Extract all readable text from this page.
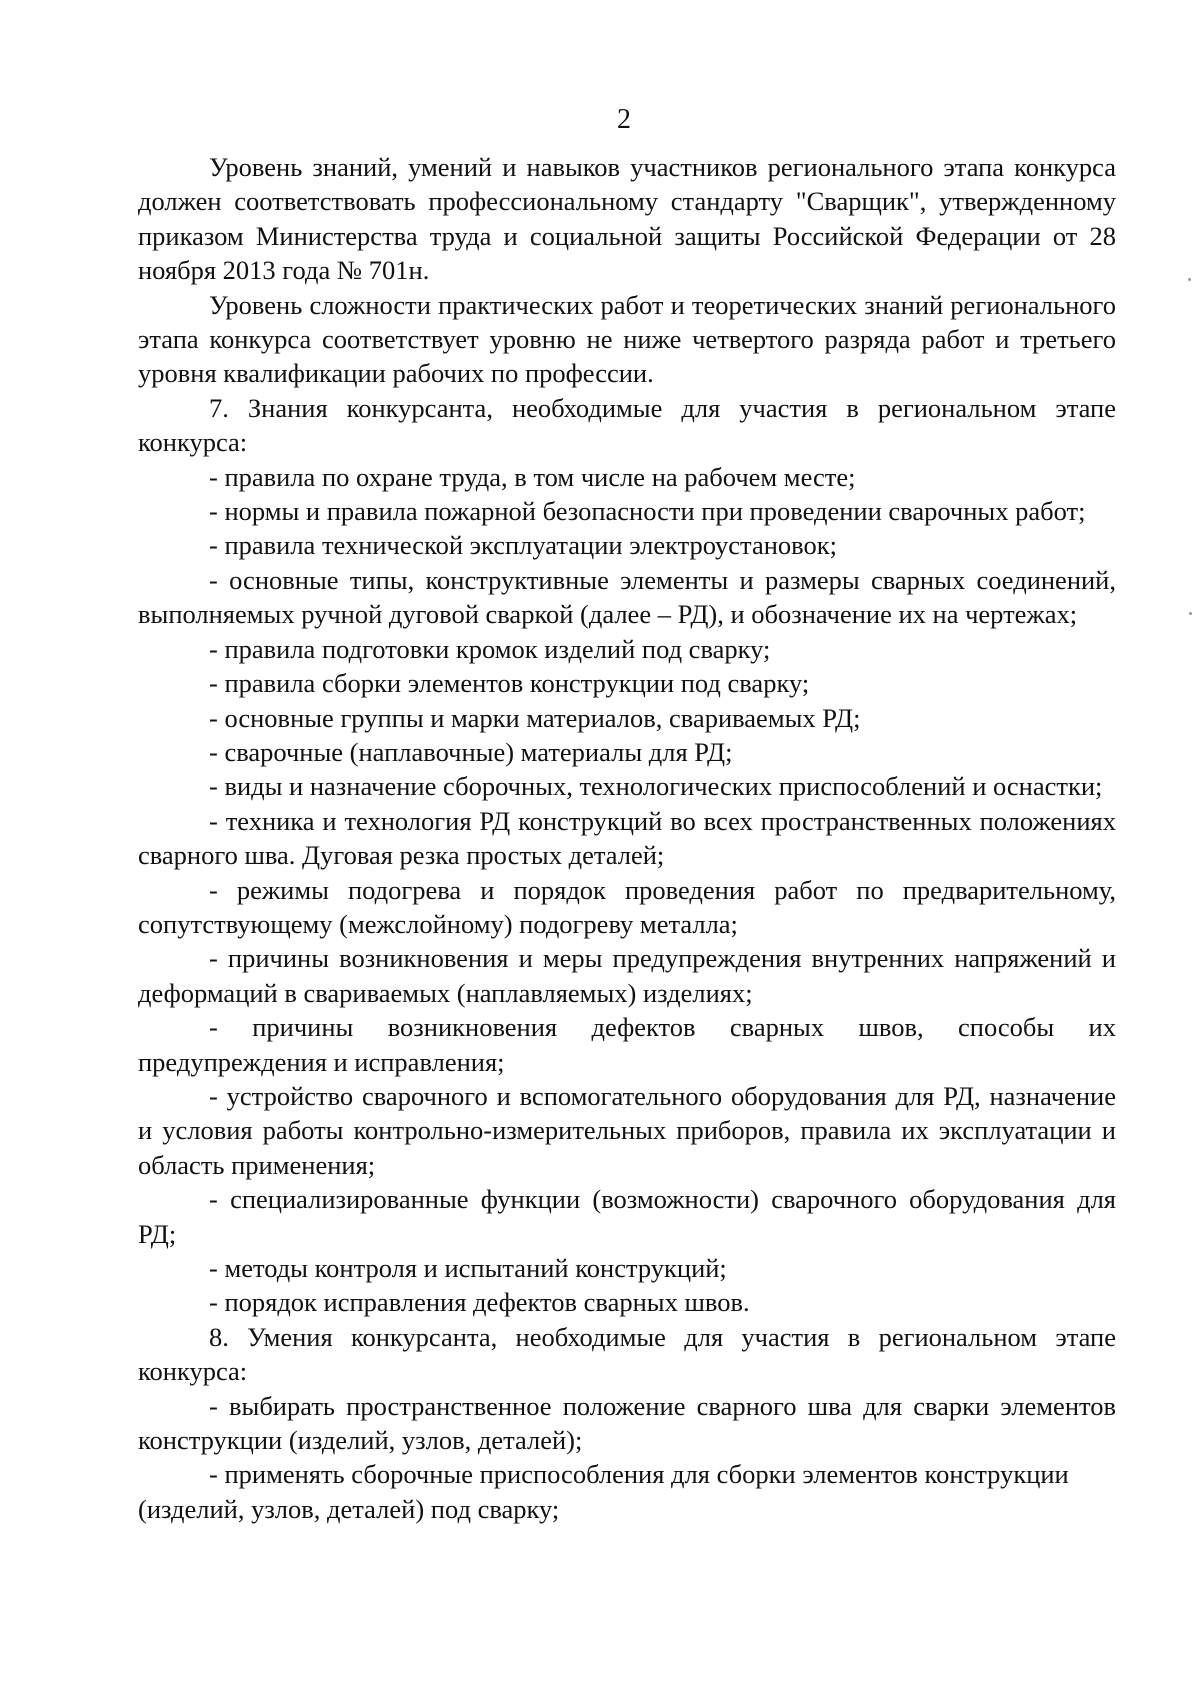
2

Уровень знаний, умений и навыков участников регионального этапа конкурса должен соответствовать профессиональному стандарту "Сварщик", утвержденному приказом Министерства труда и социальной защиты Российской Федерации от 28 ноября 2013 года № 701н.

Уровень сложности практических работ и теоретических знаний регионального этапа конкурса соответствует уровню не ниже четвертого разряда работ и третьего уровня квалификации рабочих по профессии.

7. Знания конкурсанта, необходимые для участия в региональном этапе конкурса:

- правила по охране труда, в том числе на рабочем месте;

- нормы и правила пожарной безопасности при проведении сварочных работ;

- правила технической эксплуатации электроустановок;

- основные типы, конструктивные элементы и размеры сварных соединений, выполняемых ручной дуговой сваркой (далее – РД), и обозначение их на чертежах;

- правила подготовки кромок изделий под сварку;

- правила сборки элементов конструкции под сварку;

- основные группы и марки материалов, свариваемых РД;

- сварочные (наплавочные) материалы для РД;

- виды и назначение сборочных, технологических приспособлений и оснастки;

- техника и технология РД конструкций во всех пространственных положениях сварного шва. Дуговая резка простых деталей;

- режимы подогрева и порядок проведения работ по предварительному, сопутствующему (межслойному) подогреву металла;

- причины возникновения и меры предупреждения внутренних напряжений и деформаций в свариваемых (наплавляемых) изделиях;

- причины возникновения дефектов сварных швов, способы их предупреждения и исправления;

- устройство сварочного и вспомогательного оборудования для РД, назначение и условия работы контрольно-измерительных приборов, правила их эксплуатации и область применения;

- специализированные функции (возможности) сварочного оборудования для РД;

- методы контроля и испытаний конструкций;

- порядок исправления дефектов сварных швов.

8. Умения конкурсанта, необходимые для участия в региональном этапе конкурса:

- выбирать пространственное положение сварного шва для сварки элементов конструкции (изделий, узлов, деталей);

- применять сборочные приспособления для сборки элементов конструкции (изделий, узлов, деталей) под сварку;
